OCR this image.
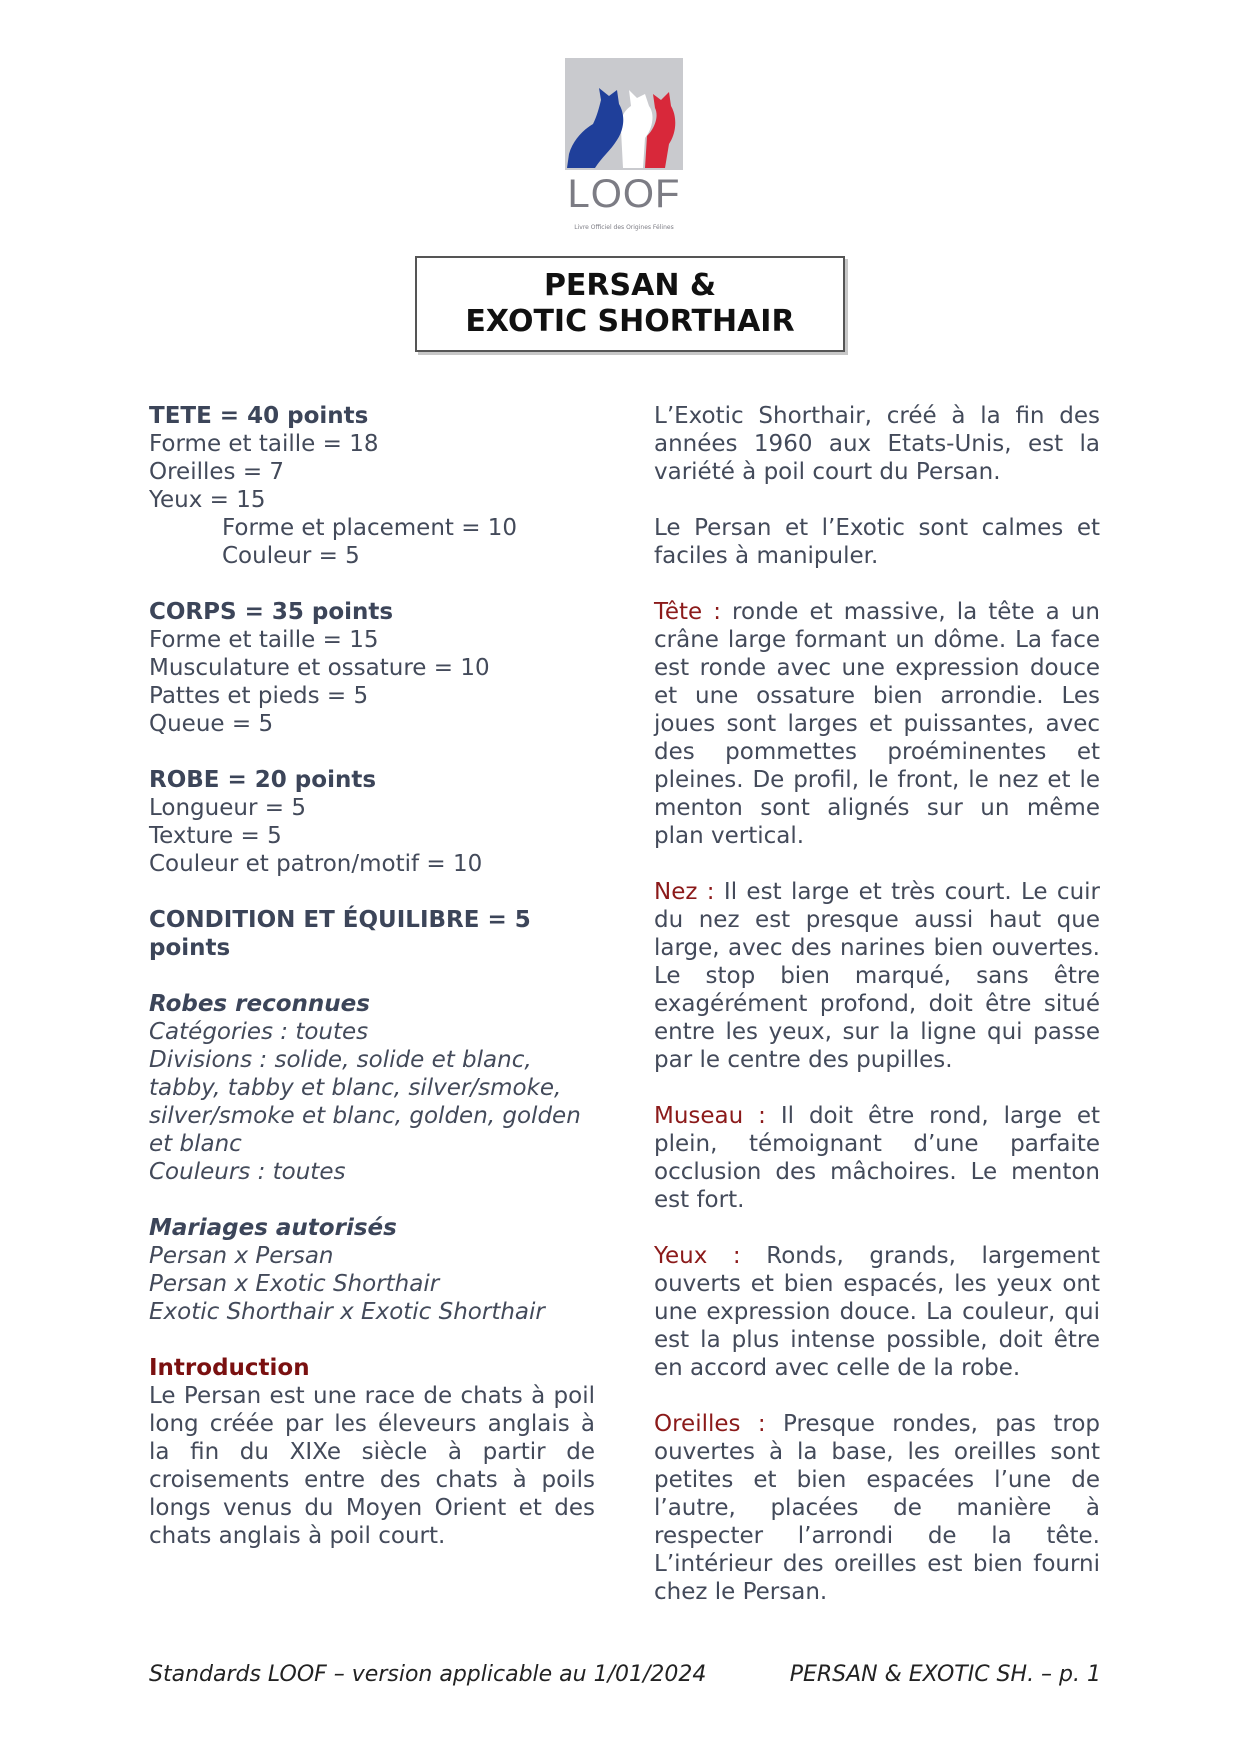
LOOF
Livre Officiel des Origines Félines
PERSAN &
EXOTIC SHORTHAIR
TETE = 40 points
Forme et taille = 18
Oreilles = 7
Yeux = 15
Forme et placement = 10
Couleur = 5
CORPS = 35 points
Forme et taille = 15
Musculature et ossature = 10
Pattes et pieds = 5
Queue = 5
ROBE = 20 points
Longueur = 5
Texture = 5
Couleur et patron/motif = 10
CONDITION ET ÉQUILIBRE = 5
points
Robes reconnues
Catégories : toutes
Divisions : solide, solide et blanc,
tabby, tabby et blanc, silver/smoke,
silver/smoke et blanc, golden, golden
et blanc
Couleurs : toutes
Mariages autorisés
Persan x Persan
Persan x Exotic Shorthair
Exotic Shorthair x Exotic Shorthair
Introduction
Le Persan est une race de chats à poil long créée par les éleveurs anglais à la fin du XIXe siècle à partir de croisements entre des chats à poils longs venus du Moyen Orient et des chats anglais à poil court.
L’Exotic Shorthair, créé à la fin des années 1960 aux Etats-Unis, est la variété à poil court du Persan.
Le Persan et l’Exotic sont calmes et faciles à manipuler.
Tête : ronde et massive, la tête a un crâne large formant un dôme. La face est ronde avec une expression douce et une ossature bien arrondie. Les joues sont larges et puissantes, avec des pommettes proéminentes et pleines. De profil, le front, le nez et le menton sont alignés sur un même plan vertical.
Nez : Il est large et très court. Le cuir du nez est presque aussi haut que large, avec des narines bien ouvertes. Le stop bien marqué, sans être exagérément profond, doit être situé entre les yeux, sur la ligne qui passe par le centre des pupilles.
Museau : Il doit être rond, large et plein, témoignant d’une parfaite occlusion des mâchoires. Le menton est fort.
Yeux : Ronds, grands, largement ouverts et bien espacés, les yeux ont une expression douce. La couleur, qui est la plus intense possible, doit être en accord avec celle de la robe.
Oreilles : Presque rondes, pas trop ouvertes à la base, les oreilles sont petites et bien espacées l’une de l’autre, placées de manière à respecter l’arrondi de la tête. L’intérieur des oreilles est bien fourni chez le Persan.
Standards LOOF – version applicable au 1/01/2024	PERSAN & EXOTIC SH. – p. 1
